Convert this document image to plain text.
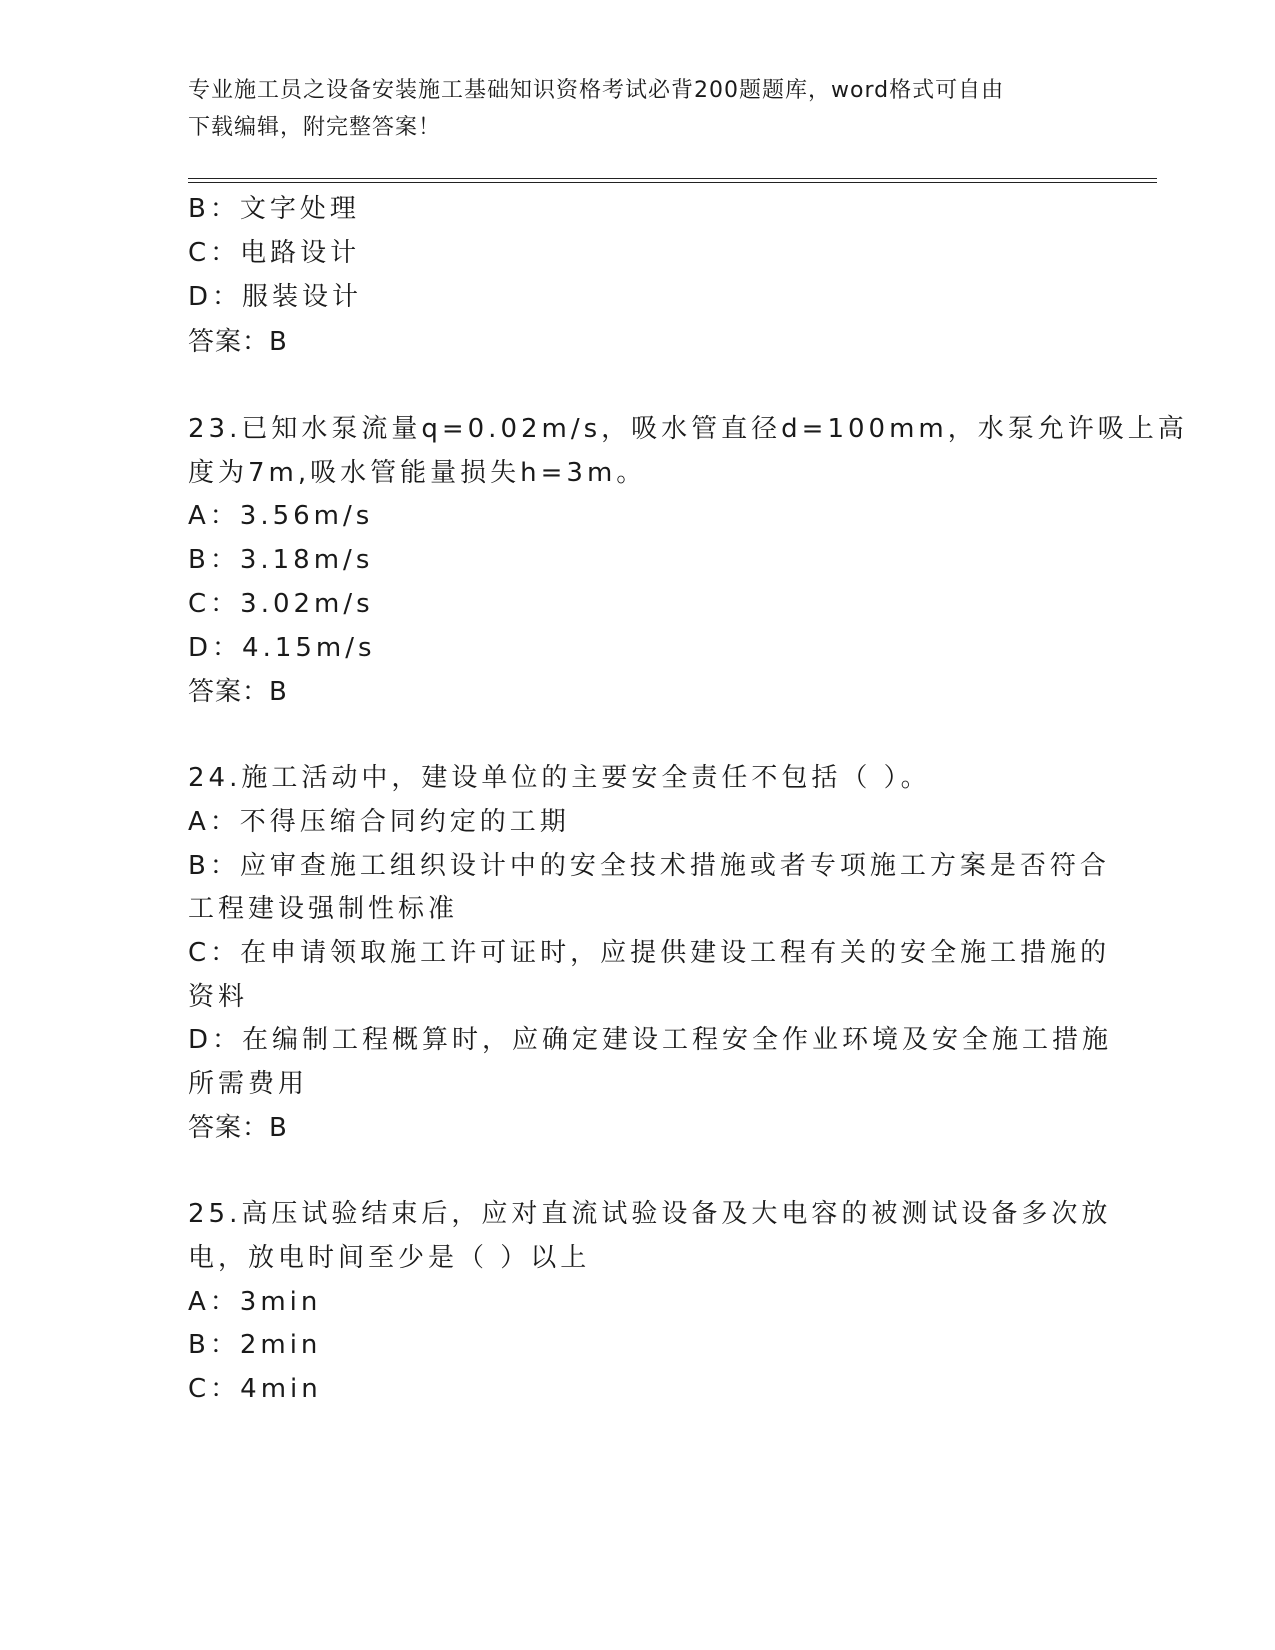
专业施工员之设备安装施工基础知识资格考试必背200题题库，word格式可自由
下载编辑，附完整答案！
B：文字处理
C：电路设计
D：服装设计
答案：B
23.已知水泵流量q=0.02m/s，吸水管直径d=100mm，水泵允许吸上高
度为7m,吸水管能量损失h=3m。
A：3.56m/s
B：3.18m/s
C：3.02m/s
D：4.15m/s
答案：B
24.施工活动中，建设单位的主要安全责任不包括（ ）。
A：不得压缩合同约定的工期
B：应审查施工组织设计中的安全技术措施或者专项施工方案是否符合
工程建设强制性标准
C：在申请领取施工许可证时，应提供建设工程有关的安全施工措施的
资料
D：在编制工程概算时，应确定建设工程安全作业环境及安全施工措施
所需费用
答案：B
25.高压试验结束后，应对直流试验设备及大电容的被测试设备多次放
电，放电时间至少是（ ）以上
A：3min
B：2min
C：4min
